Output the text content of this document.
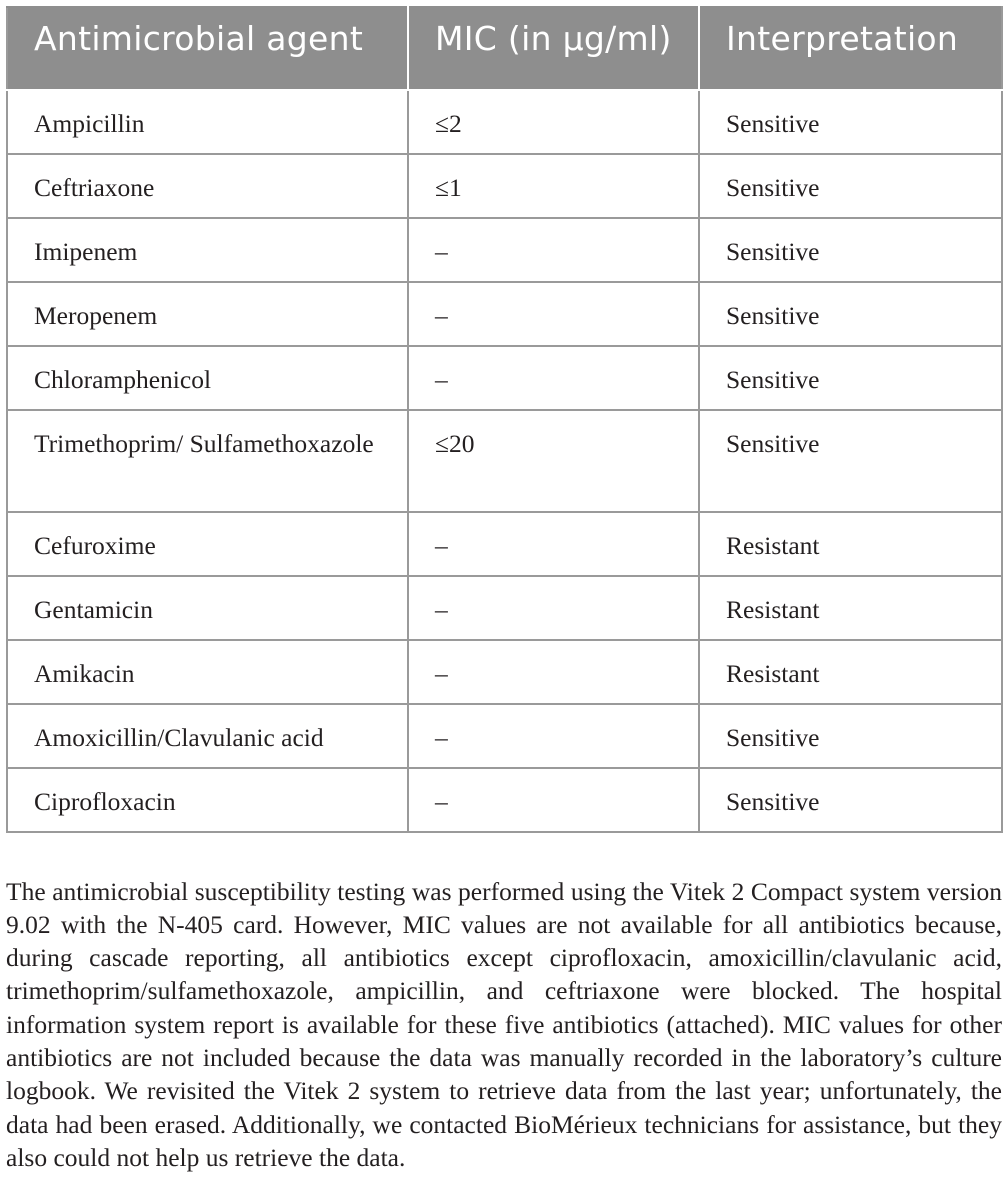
Antimicrobial agent	MIC (in μg/ml)	Interpretation
Ampicillin	≤2	Sensitive
Ceftriaxone	≤1	Sensitive
Imipenem	–	Sensitive
Meropenem	–	Sensitive
Chloramphenicol	–	Sensitive
Trimethoprim/ Sulfamethoxazole	≤20	Sensitive
Cefuroxime	–	Resistant
Gentamicin	–	Resistant
Amikacin	–	Resistant
Amoxicillin/Clavulanic acid	–	Sensitive
Ciprofloxacin	–	Sensitive

The antimicrobial susceptibility testing was performed using the Vitek 2 Compact system version 9.02 with the N-405 card. However, MIC values are not available for all antibiotics because, during cascade reporting, all antibiotics except ciprofloxacin, amoxicillin/clavulanic acid, trimethoprim/sulfamethoxazole, ampicillin, and ceftriaxone were blocked. The hospital information system report is available for these five antibiotics (attached). MIC values for other antibiotics are not included because the data was manually recorded in the laboratory’s culture logbook. We revisited the Vitek 2 system to retrieve data from the last year; unfortunately, the data had been erased. Additionally, we contacted BioMérieux technicians for assistance, but they also could not help us retrieve the data.
